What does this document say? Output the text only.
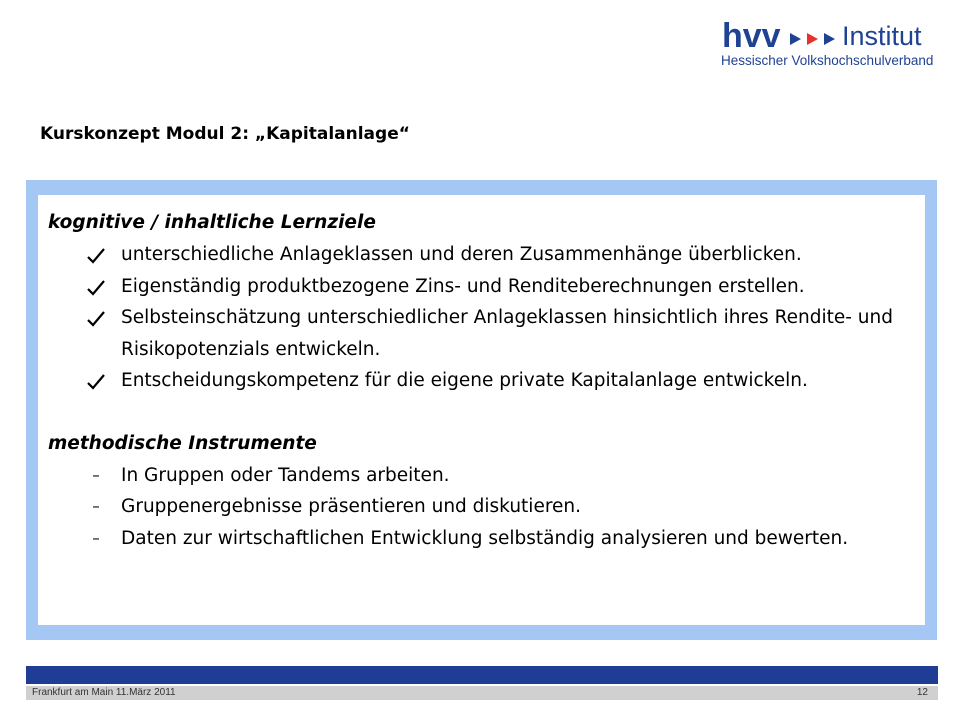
hvv Institut
Hessischer Volkshochschulverband
Kurskonzept Modul 2: „Kapitalanlage“
kognitive / inhaltliche Lernziele
unterschiedliche Anlageklassen und deren Zusammenhänge überblicken.
Eigenständig produktbezogene Zins- und Renditeberechnungen erstellen.
Selbsteinschätzung unterschiedlicher Anlageklassen hinsichtlich ihres Rendite- und Risikopotenzials entwickeln.
Entscheidungskompetenz für die eigene private Kapitalanlage entwickeln.
methodische Instrumente
–	In Gruppen oder Tandems arbeiten.
–	Gruppenergebnisse präsentieren und diskutieren.
–	Daten zur wirtschaftlichen Entwicklung selbständig analysieren und bewerten.
Frankfurt am Main 11.März 2011	12
